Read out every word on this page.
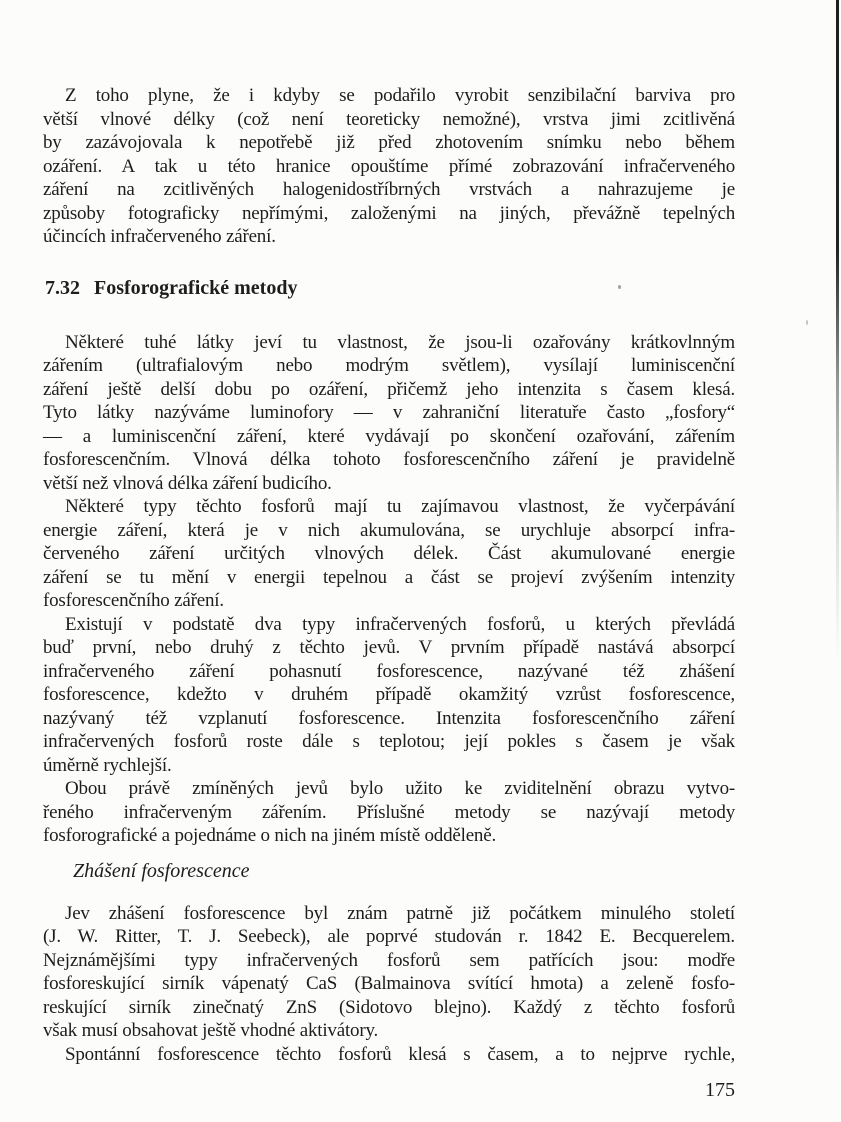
Z toho plyne, že i kdyby se podařilo vyrobit senzibilační barviva pro
větší vlnové délky (což není teoreticky nemožné), vrstva jimi zcitlivěná
by zazávojovala k nepotřebě již před zhotovením snímku nebo během
ozáření. A tak u této hranice opouštíme přímé zobrazování infračerveného
záření na zcitlivěných halogenidostříbrných vrstvách a nahrazujeme je
způsoby fotograficky nepřímými, založenými na jiných, převážně tepelných
účincích infračerveného záření.
7.32 Fosforografické metody
Některé tuhé látky jeví tu vlastnost, že jsou-li ozařovány krátkovlnným
zářením (ultrafialovým nebo modrým světlem), vysílají luminiscenční
záření ještě delší dobu po ozáření, přičemž jeho intenzita s časem klesá.
Tyto látky nazýváme luminofory — v zahraniční literatuře často „fosfory“
— a luminiscenční záření, které vydávají po skončení ozařování, zářením
fosforescenčním. Vlnová délka tohoto fosforescenčního záření je pravidelně
větší než vlnová délka záření budicího.
Některé typy těchto fosforů mají tu zajímavou vlastnost, že vyčerpávání
energie záření, která je v nich akumulována, se urychluje absorpcí infra-
červeného záření určitých vlnových délek. Část akumulované energie
záření se tu mění v energii tepelnou a část se projeví zvýšením intenzity
fosforescenčního záření.
Existují v podstatě dva typy infračervených fosforů, u kterých převládá
buď první, nebo druhý z těchto jevů. V prvním případě nastává absorpcí
infračerveného záření pohasnutí fosforescence, nazývané též zhášení
fosforescence, kdežto v druhém případě okamžitý vzrůst fosforescence,
nazývaný též vzplanutí fosforescence. Intenzita fosforescenčního záření
infračervených fosforů roste dále s teplotou; její pokles s časem je však
úměrně rychlejší.
Obou právě zmíněných jevů bylo užito ke zviditelnění obrazu vytvo-
řeného infračerveným zářením. Příslušné metody se nazývají metody
fosforografické a pojednáme o nich na jiném místě odděleně.
Zhášení fosforescence
Jev zhášení fosforescence byl znám patrně již počátkem minulého století
(J. W. Ritter, T. J. Seebeck), ale poprvé studován r. 1842 E. Becquerelem.
Nejznámějšími typy infračervených fosforů sem patřících jsou: modře
fosforeskující sirník vápenatý CaS (Balmainova svítící hmota) a zeleně fosfo-
reskující sirník zinečnatý ZnS (Sidotovo blejno). Každý z těchto fosforů
však musí obsahovat ještě vhodné aktivátory.
Spontánní fosforescence těchto fosforů klesá s časem, a to nejprve rychle,
175
